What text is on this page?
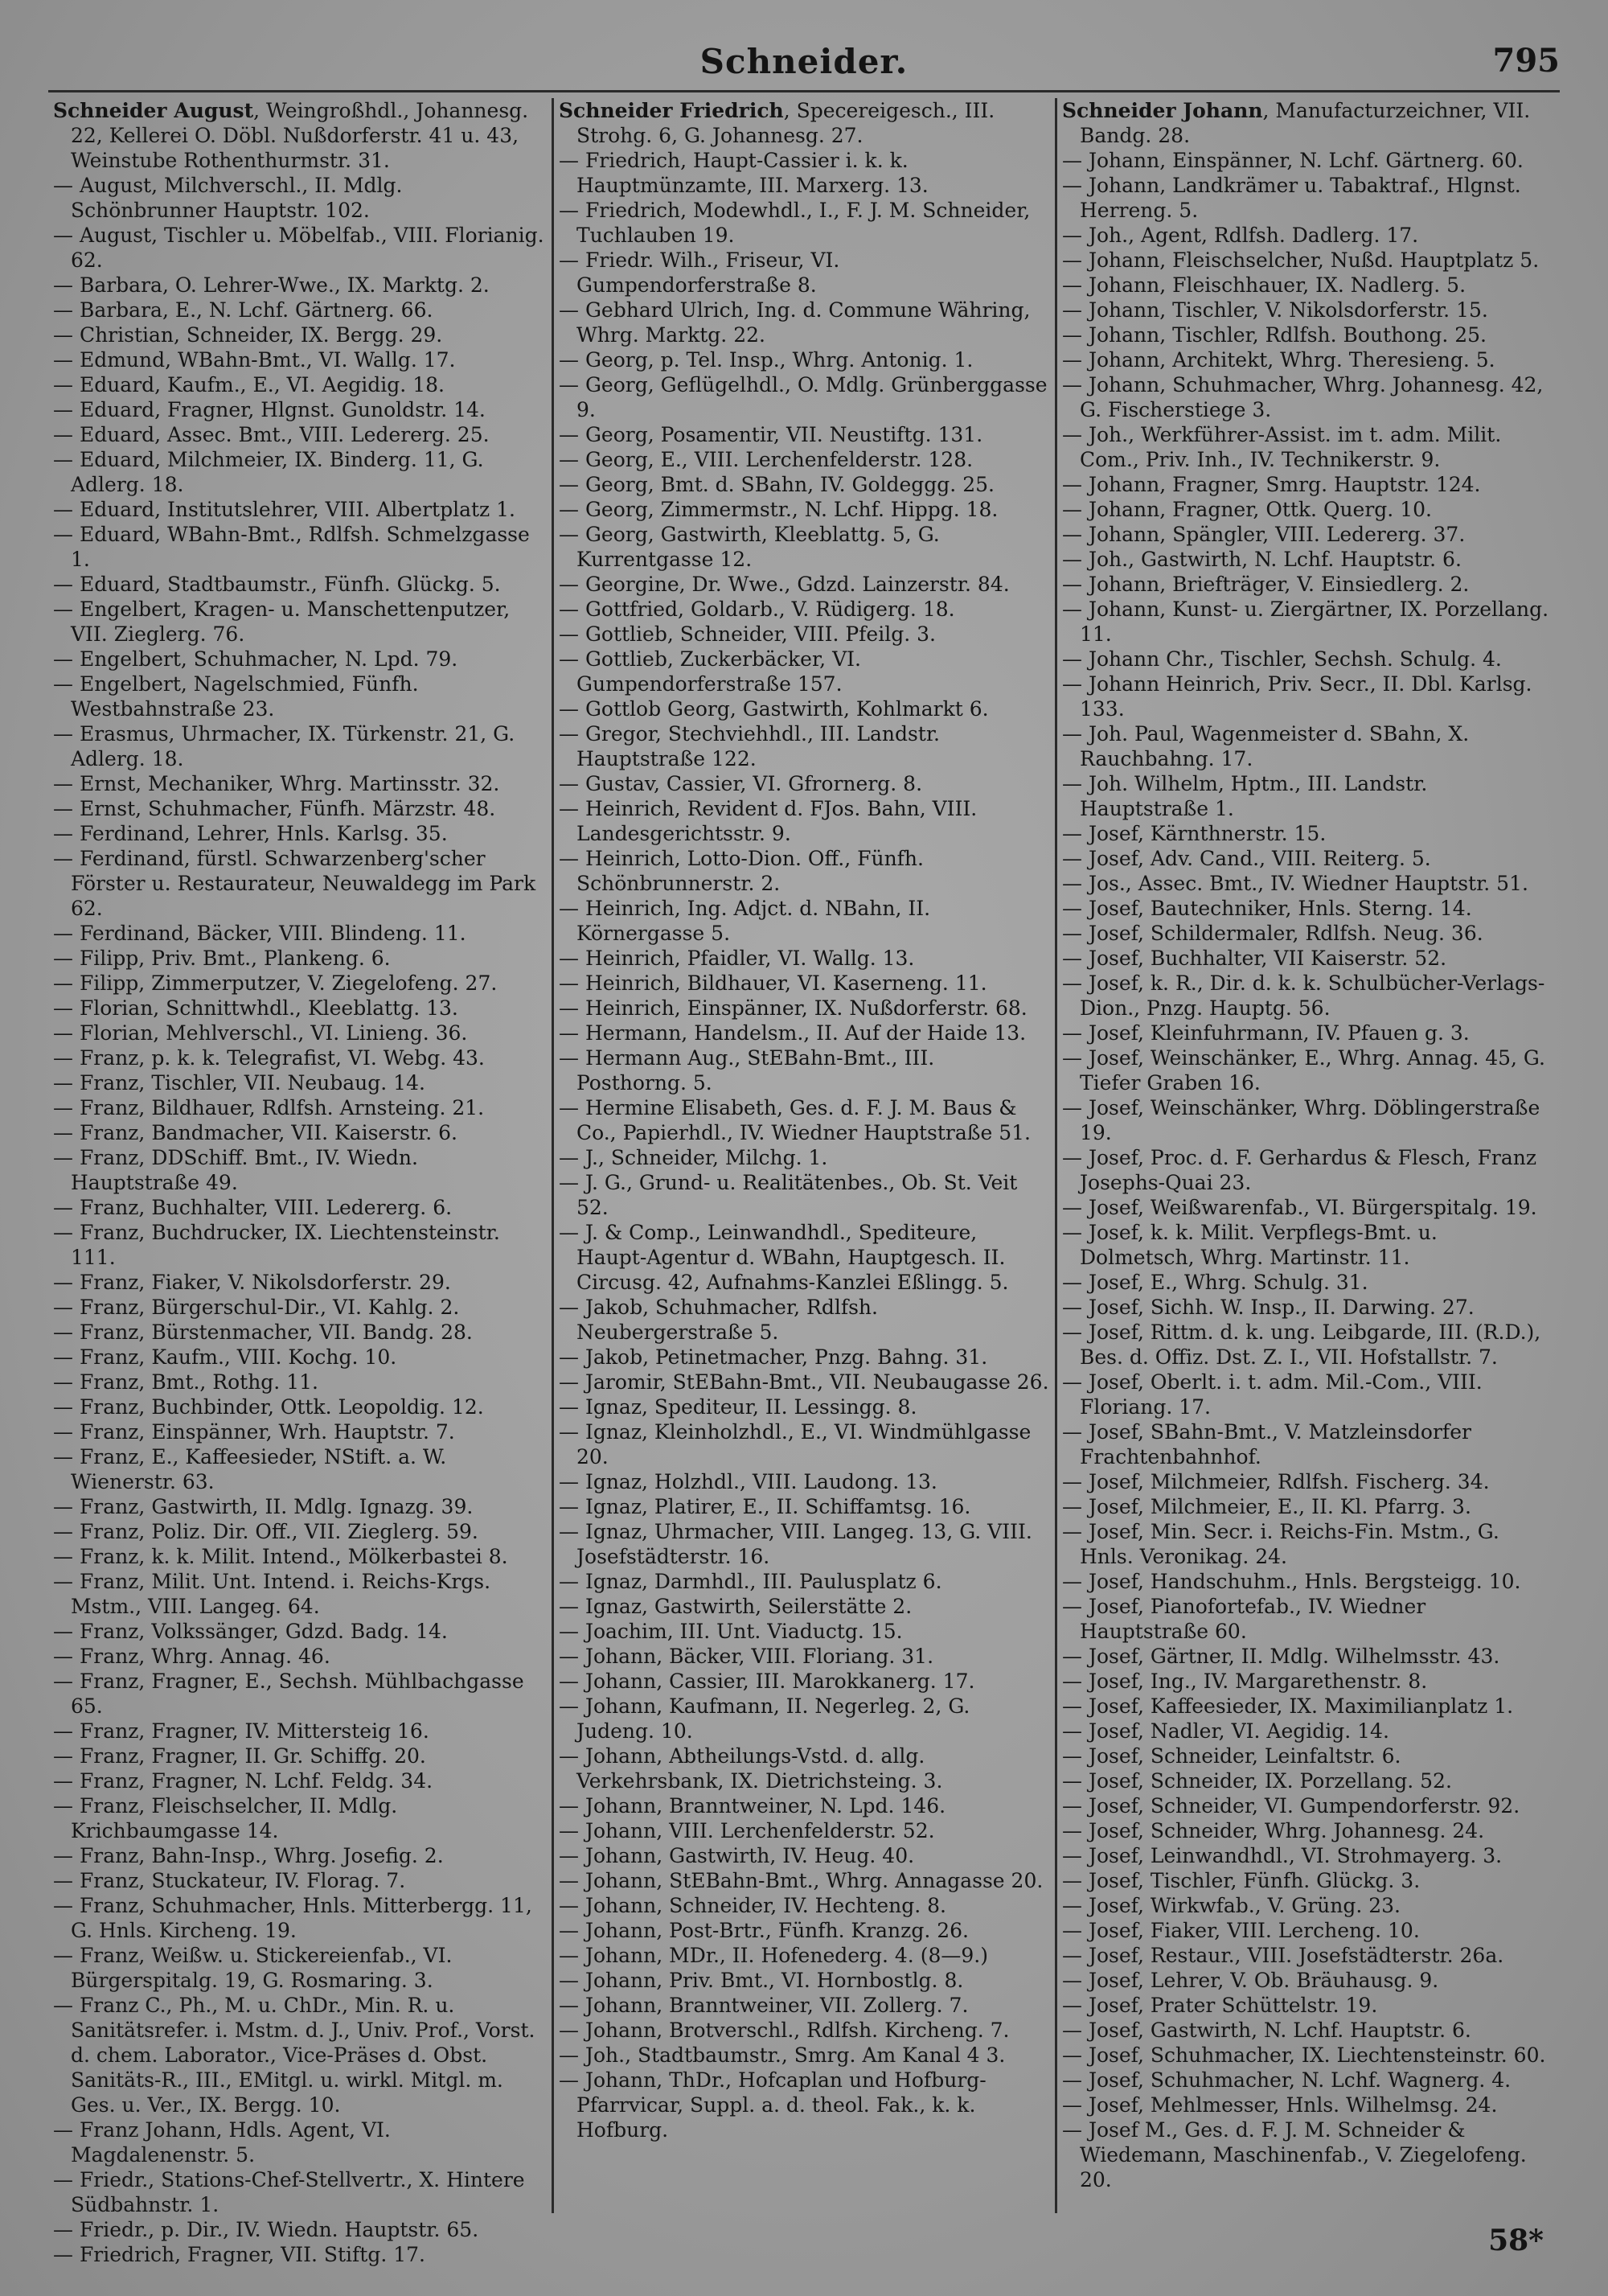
Schneider.	795

Schneider August, Weingroßhdl., Johannesg. 22, Kellerei O. Döbl. Nußdorferstr. 41 u. 43, Weinstube Rothenthurmstr. 31.

— August, Milchverschl., II. Mdlg. Schönbrunner Hauptstr. 102.

— August, Tischler u. Möbelfab., VIII. Florianig. 62.

— Barbara, O. Lehrer-Wwe., IX. Marktg. 2.

— Barbara, E., N. Lchf. Gärtnerg. 66.

— Christian, Schneider, IX. Bergg. 29.

— Edmund, WBahn-Bmt., VI. Wallg. 17.

— Eduard, Kaufm., E., VI. Aegidig. 18.

— Eduard, Fragner, Hlgnst. Gunoldstr. 14.

— Eduard, Assec. Bmt., VIII. Ledererg. 25.

— Eduard, Milchmeier, IX. Binderg. 11, G. Adlerg. 18.

— Eduard, Institutslehrer, VIII. Albertplatz 1.

— Eduard, WBahn-Bmt., Rdlfsh. Schmelzgasse 1.

— Eduard, Stadtbaumstr., Fünfh. Glückg. 5.

— Engelbert, Kragen- u. Manschettenputzer, VII. Zieglerg. 76.

— Engelbert, Schuhmacher, N. Lpd. 79.

— Engelbert, Nagelschmied, Fünfh. Westbahnstraße 23.

— Erasmus, Uhrmacher, IX. Türkenstr. 21, G. Adlerg. 18.

— Ernst, Mechaniker, Whrg. Martinsstr. 32.

— Ernst, Schuhmacher, Fünfh. Märzstr. 48.

— Ferdinand, Lehrer, Hnls. Karlsg. 35.

— Ferdinand, fürstl. Schwarzenberg'scher Förster u. Restaurateur, Neuwaldegg im Park 62.

— Ferdinand, Bäcker, VIII. Blindeng. 11.

— Filipp, Priv. Bmt., Plankeng. 6.

— Filipp, Zimmerputzer, V. Ziegelofeng. 27.

— Florian, Schnittwhdl., Kleeblattg. 13.

— Florian, Mehlverschl., VI. Linieng. 36.

— Franz, p. k. k. Telegrafist, VI. Webg. 43.

— Franz, Tischler, VII. Neubaug. 14.

— Franz, Bildhauer, Rdlfsh. Arnsteing. 21.

— Franz, Bandmacher, VII. Kaiserstr. 6.

— Franz, DDSchiff. Bmt., IV. Wiedn. Hauptstraße 49.

— Franz, Buchhalter, VIII. Ledererg. 6.

— Franz, Buchdrucker, IX. Liechtensteinstr. 111.

— Franz, Fiaker, V. Nikolsdorferstr. 29.

— Franz, Bürgerschul-Dir., VI. Kahlg. 2.

— Franz, Bürstenmacher, VII. Bandg. 28.

— Franz, Kaufm., VIII. Kochg. 10.

— Franz, Bmt., Rothg. 11.

— Franz, Buchbinder, Ottk. Leopoldig. 12.

— Franz, Einspänner, Wrh. Hauptstr. 7.

— Franz, E., Kaffeesieder, NStift. a. W. Wienerstr. 63.

— Franz, Gastwirth, II. Mdlg. Ignazg. 39.

— Franz, Poliz. Dir. Off., VII. Zieglerg. 59.

— Franz, k. k. Milit. Intend., Mölkerbastei 8.

— Franz, Milit. Unt. Intend. i. Reichs-Krgs. Mstm., VIII. Langeg. 64.

— Franz, Volkssänger, Gdzd. Badg. 14.

— Franz, Whrg. Annag. 46.

— Franz, Fragner, E., Sechsh. Mühlbachgasse 65.

— Franz, Fragner, IV. Mittersteig 16.

— Franz, Fragner, II. Gr. Schiffg. 20.

— Franz, Fragner, N. Lchf. Feldg. 34.

— Franz, Fleischselcher, II. Mdlg. Krichbaumgasse 14.

— Franz, Bahn-Insp., Whrg. Josefig. 2.

— Franz, Stuckateur, IV. Florag. 7.

— Franz, Schuhmacher, Hnls. Mitterbergg. 11, G. Hnls. Kircheng. 19.

— Franz, Weißw. u. Stickereienfab., VI. Bürgerspitalg. 19, G. Rosmaring. 3.

— Franz C., Ph., M. u. ChDr., Min. R. u. Sanitätsrefer. i. Mstm. d. J., Univ. Prof., Vorst. d. chem. Laborator., Vice-Präses d. Obst. Sanitäts-R., III., EMitgl. u. wirkl. Mitgl. m. Ges. u. Ver., IX. Bergg. 10.

— Franz Johann, Hdls. Agent, VI. Magdalenenstr. 5.

— Friedr., Stations-Chef-Stellvertr., X. Hintere Südbahnstr. 1.

— Friedr., p. Dir., IV. Wiedn. Hauptstr. 65.

— Friedrich, Fragner, VII. Stiftg. 17.

Schneider Friedrich, Specereigesch., III. Strohg. 6, G. Johannesg. 27.

— Friedrich, Haupt-Cassier i. k. k. Hauptmünzamte, III. Marxerg. 13.

— Friedrich, Modewhdl., I., F. J. M. Schneider, Tuchlauben 19.

— Friedr. Wilh., Friseur, VI. Gumpendorferstraße 8.

— Gebhard Ulrich, Ing. d. Commune Währing, Whrg. Marktg. 22.

— Georg, p. Tel. Insp., Whrg. Antonig. 1.

— Georg, Geflügelhdl., O. Mdlg. Grünberggasse 9.

— Georg, Posamentir, VII. Neustiftg. 131.

— Georg, E., VIII. Lerchenfelderstr. 128.

— Georg, Bmt. d. SBahn, IV. Goldeggg. 25.

— Georg, Zimmermstr., N. Lchf. Hippg. 18.

— Georg, Gastwirth, Kleeblattg. 5, G. Kurrentgasse 12.

— Georgine, Dr. Wwe., Gdzd. Lainzerstr. 84.

— Gottfried, Goldarb., V. Rüdigerg. 18.

— Gottlieb, Schneider, VIII. Pfeilg. 3.

— Gottlieb, Zuckerbäcker, VI. Gumpendorferstraße 157.

— Gottlob Georg, Gastwirth, Kohlmarkt 6.

— Gregor, Stechviehhdl., III. Landstr. Hauptstraße 122.

— Gustav, Cassier, VI. Gfrornerg. 8.

— Heinrich, Revident d. FJos. Bahn, VIII. Landesgerichtsstr. 9.

— Heinrich, Lotto-Dion. Off., Fünfh. Schönbrunnerstr. 2.

— Heinrich, Ing. Adjct. d. NBahn, II. Körnergasse 5.

— Heinrich, Pfaidler, VI. Wallg. 13.

— Heinrich, Bildhauer, VI. Kaserneng. 11.

— Heinrich, Einspänner, IX. Nußdorferstr. 68.

— Hermann, Handelsm., II. Auf der Haide 13.

— Hermann Aug., StEBahn-Bmt., III. Posthorng. 5.

— Hermine Elisabeth, Ges. d. F. J. M. Baus & Co., Papierhdl., IV. Wiedner Hauptstraße 51.

— J., Schneider, Milchg. 1.

— J. G., Grund- u. Realitätenbes., Ob. St. Veit 52.

— J. & Comp., Leinwandhdl., Spediteure, Haupt-Agentur d. WBahn, Hauptgesch. II. Circusg. 42, Aufnahms-Kanzlei Eßlingg. 5.

— Jakob, Schuhmacher, Rdlfsh. Neubergerstraße 5.

— Jakob, Petinetmacher, Pnzg. Bahng. 31.

— Jaromir, StEBahn-Bmt., VII. Neubaugasse 26.

— Ignaz, Spediteur, II. Lessingg. 8.

— Ignaz, Kleinholzhdl., E., VI. Windmühlgasse 20.

— Ignaz, Holzhdl., VIII. Laudong. 13.

— Ignaz, Platirer, E., II. Schiffamtsg. 16.

— Ignaz, Uhrmacher, VIII. Langeg. 13, G. VIII. Josefstädterstr. 16.

— Ignaz, Darmhdl., III. Paulusplatz 6.

— Ignaz, Gastwirth, Seilerstätte 2.

— Joachim, III. Unt. Viaductg. 15.

— Johann, Bäcker, VIII. Floriang. 31.

— Johann, Cassier, III. Marokkanerg. 17.

— Johann, Kaufmann, II. Negerleg. 2, G. Judeng. 10.

— Johann, Abtheilungs-Vstd. d. allg. Verkehrsbank, IX. Dietrichsteing. 3.

— Johann, Branntweiner, N. Lpd. 146.

— Johann, VIII. Lerchenfelderstr. 52.

— Johann, Gastwirth, IV. Heug. 40.

— Johann, StEBahn-Bmt., Whrg. Annagasse 20.

— Johann, Schneider, IV. Hechteng. 8.

— Johann, Post-Brtr., Fünfh. Kranzg. 26.

— Johann, MDr., II. Hofenederg. 4. (8—9.)

— Johann, Priv. Bmt., VI. Hornbostlg. 8.

— Johann, Branntweiner, VII. Zollerg. 7.

— Johann, Brotverschl., Rdlfsh. Kircheng. 7.

— Joh., Stadtbaumstr., Smrg. Am Kanal 4 3.

— Johann, ThDr., Hofcaplan und Hofburg-Pfarrvicar, Suppl. a. d. theol. Fak., k. k. Hofburg.

Schneider Johann, Manufacturzeichner, VII. Bandg. 28.

— Johann, Einspänner, N. Lchf. Gärtnerg. 60.

— Johann, Landkrämer u. Tabaktraf., Hlgnst. Herreng. 5.

— Joh., Agent, Rdlfsh. Dadlerg. 17.

— Johann, Fleischselcher, Nußd. Hauptplatz 5.

— Johann, Fleischhauer, IX. Nadlerg. 5.

— Johann, Tischler, V. Nikolsdorferstr. 15.

— Johann, Tischler, Rdlfsh. Bouthong. 25.

— Johann, Architekt, Whrg. Theresieng. 5.

— Johann, Schuhmacher, Whrg. Johannesg. 42, G. Fischerstiege 3.

— Joh., Werkführer-Assist. im t. adm. Milit. Com., Priv. Inh., IV. Technikerstr. 9.

— Johann, Fragner, Smrg. Hauptstr. 124.

— Johann, Fragner, Ottk. Querg. 10.

— Johann, Spängler, VIII. Ledererg. 37.

— Joh., Gastwirth, N. Lchf. Hauptstr. 6.

— Johann, Briefträger, V. Einsiedlerg. 2.

— Johann, Kunst- u. Ziergärtner, IX. Porzellang. 11.

— Johann Chr., Tischler, Sechsh. Schulg. 4.

— Johann Heinrich, Priv. Secr., II. Dbl. Karlsg. 133.

— Joh. Paul, Wagenmeister d. SBahn, X. Rauchbahng. 17.

— Joh. Wilhelm, Hptm., III. Landstr. Hauptstraße 1.

— Josef, Kärnthnerstr. 15.

— Josef, Adv. Cand., VIII. Reiterg. 5.

— Jos., Assec. Bmt., IV. Wiedner Hauptstr. 51.

— Josef, Bautechniker, Hnls. Sterng. 14.

— Josef, Schildermaler, Rdlfsh. Neug. 36.

— Josef, Buchhalter, VII Kaiserstr. 52.

— Josef, k. R., Dir. d. k. k. Schulbücher-Verlags-Dion., Pnzg. Hauptg. 56.

— Josef, Kleinfuhrmann, IV. Pfauen g. 3.

— Josef, Weinschänker, E., Whrg. Annag. 45, G. Tiefer Graben 16.

— Josef, Weinschänker, Whrg. Döblingerstraße 19.

— Josef, Proc. d. F. Gerhardus & Flesch, Franz Josephs-Quai 23.

— Josef, Weißwarenfab., VI. Bürgerspitalg. 19.

— Josef, k. k. Milit. Verpflegs-Bmt. u. Dolmetsch, Whrg. Martinstr. 11.

— Josef, E., Whrg. Schulg. 31.

— Josef, Sichh. W. Insp., II. Darwing. 27.

— Josef, Rittm. d. k. ung. Leibgarde, III. (R.D.), Bes. d. Offiz. Dst. Z. I., VII. Hofstallstr. 7.

— Josef, Oberlt. i. t. adm. Mil.-Com., VIII. Floriang. 17.

— Josef, SBahn-Bmt., V. Matzleinsdorfer Frachtenbahnhof.

— Josef, Milchmeier, Rdlfsh. Fischerg. 34.

— Josef, Milchmeier, E., II. Kl. Pfarrg. 3.

— Josef, Min. Secr. i. Reichs-Fin. Mstm., G. Hnls. Veronikag. 24.

— Josef, Handschuhm., Hnls. Bergsteigg. 10.

— Josef, Pianofortefab., IV. Wiedner Hauptstraße 60.

— Josef, Gärtner, II. Mdlg. Wilhelmsstr. 43.

— Josef, Ing., IV. Margarethenstr. 8.

— Josef, Kaffeesieder, IX. Maximilianplatz 1.

— Josef, Nadler, VI. Aegidig. 14.

— Josef, Schneider, Leinfaltstr. 6.

— Josef, Schneider, IX. Porzellang. 52.

— Josef, Schneider, VI. Gumpendorferstr. 92.

— Josef, Schneider, Whrg. Johannesg. 24.

— Josef, Leinwandhdl., VI. Strohmayerg. 3.

— Josef, Tischler, Fünfh. Glückg. 3.

— Josef, Wirkwfab., V. Grüng. 23.

— Josef, Fiaker, VIII. Lercheng. 10.

— Josef, Restaur., VIII. Josefstädterstr. 26a.

— Josef, Lehrer, V. Ob. Bräuhausg. 9.

— Josef, Prater Schüttelstr. 19.

— Josef, Gastwirth, N. Lchf. Hauptstr. 6.

— Josef, Schuhmacher, IX. Liechtensteinstr. 60.

— Josef, Schuhmacher, N. Lchf. Wagnerg. 4.

— Josef, Mehlmesser, Hnls. Wilhelmsg. 24.

— Josef M., Ges. d. F. J. M. Schneider & Wiedemann, Maschinenfab., V. Ziegelofeng. 20.

58*
